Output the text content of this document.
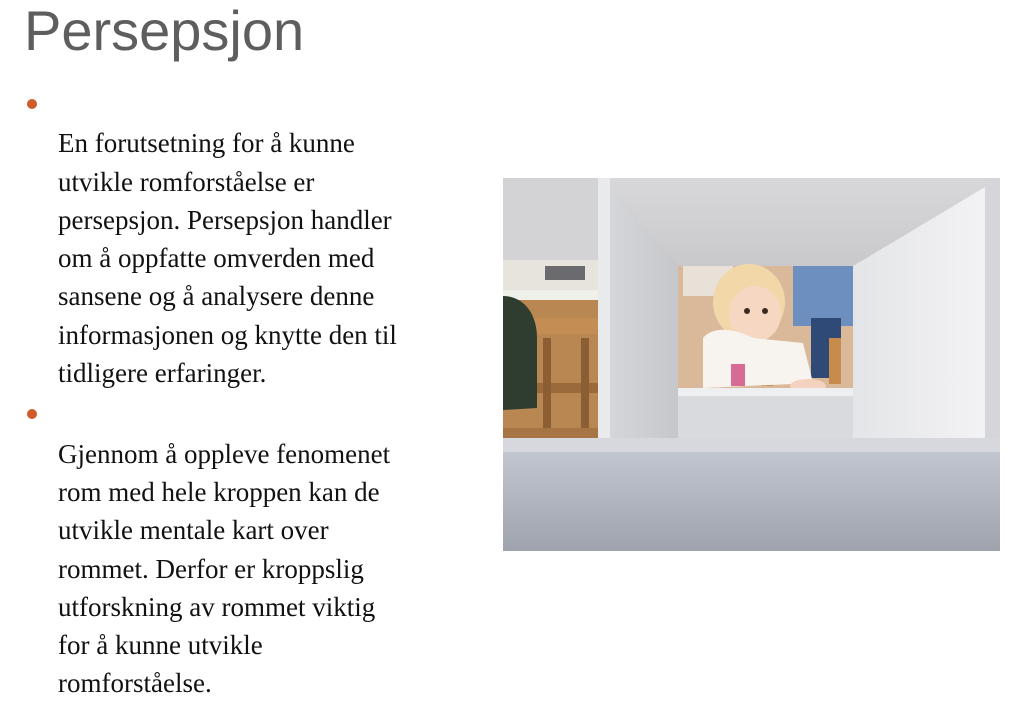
Persepsjon

En forutsetning for å kunne
utvikle romforståelse er
persepsjon. Persepsjon handler
om å oppfatte omverden med
sansene og å analysere denne
informasjonen og knytte den til
tidligere erfaringer.

Gjennom å oppleve fenomenet
rom med hele kroppen kan de
utvikle mentale kart over
rommet. Derfor er kroppslig
utforskning av rommet viktig
for å kunne utvikle
romforståelse.
